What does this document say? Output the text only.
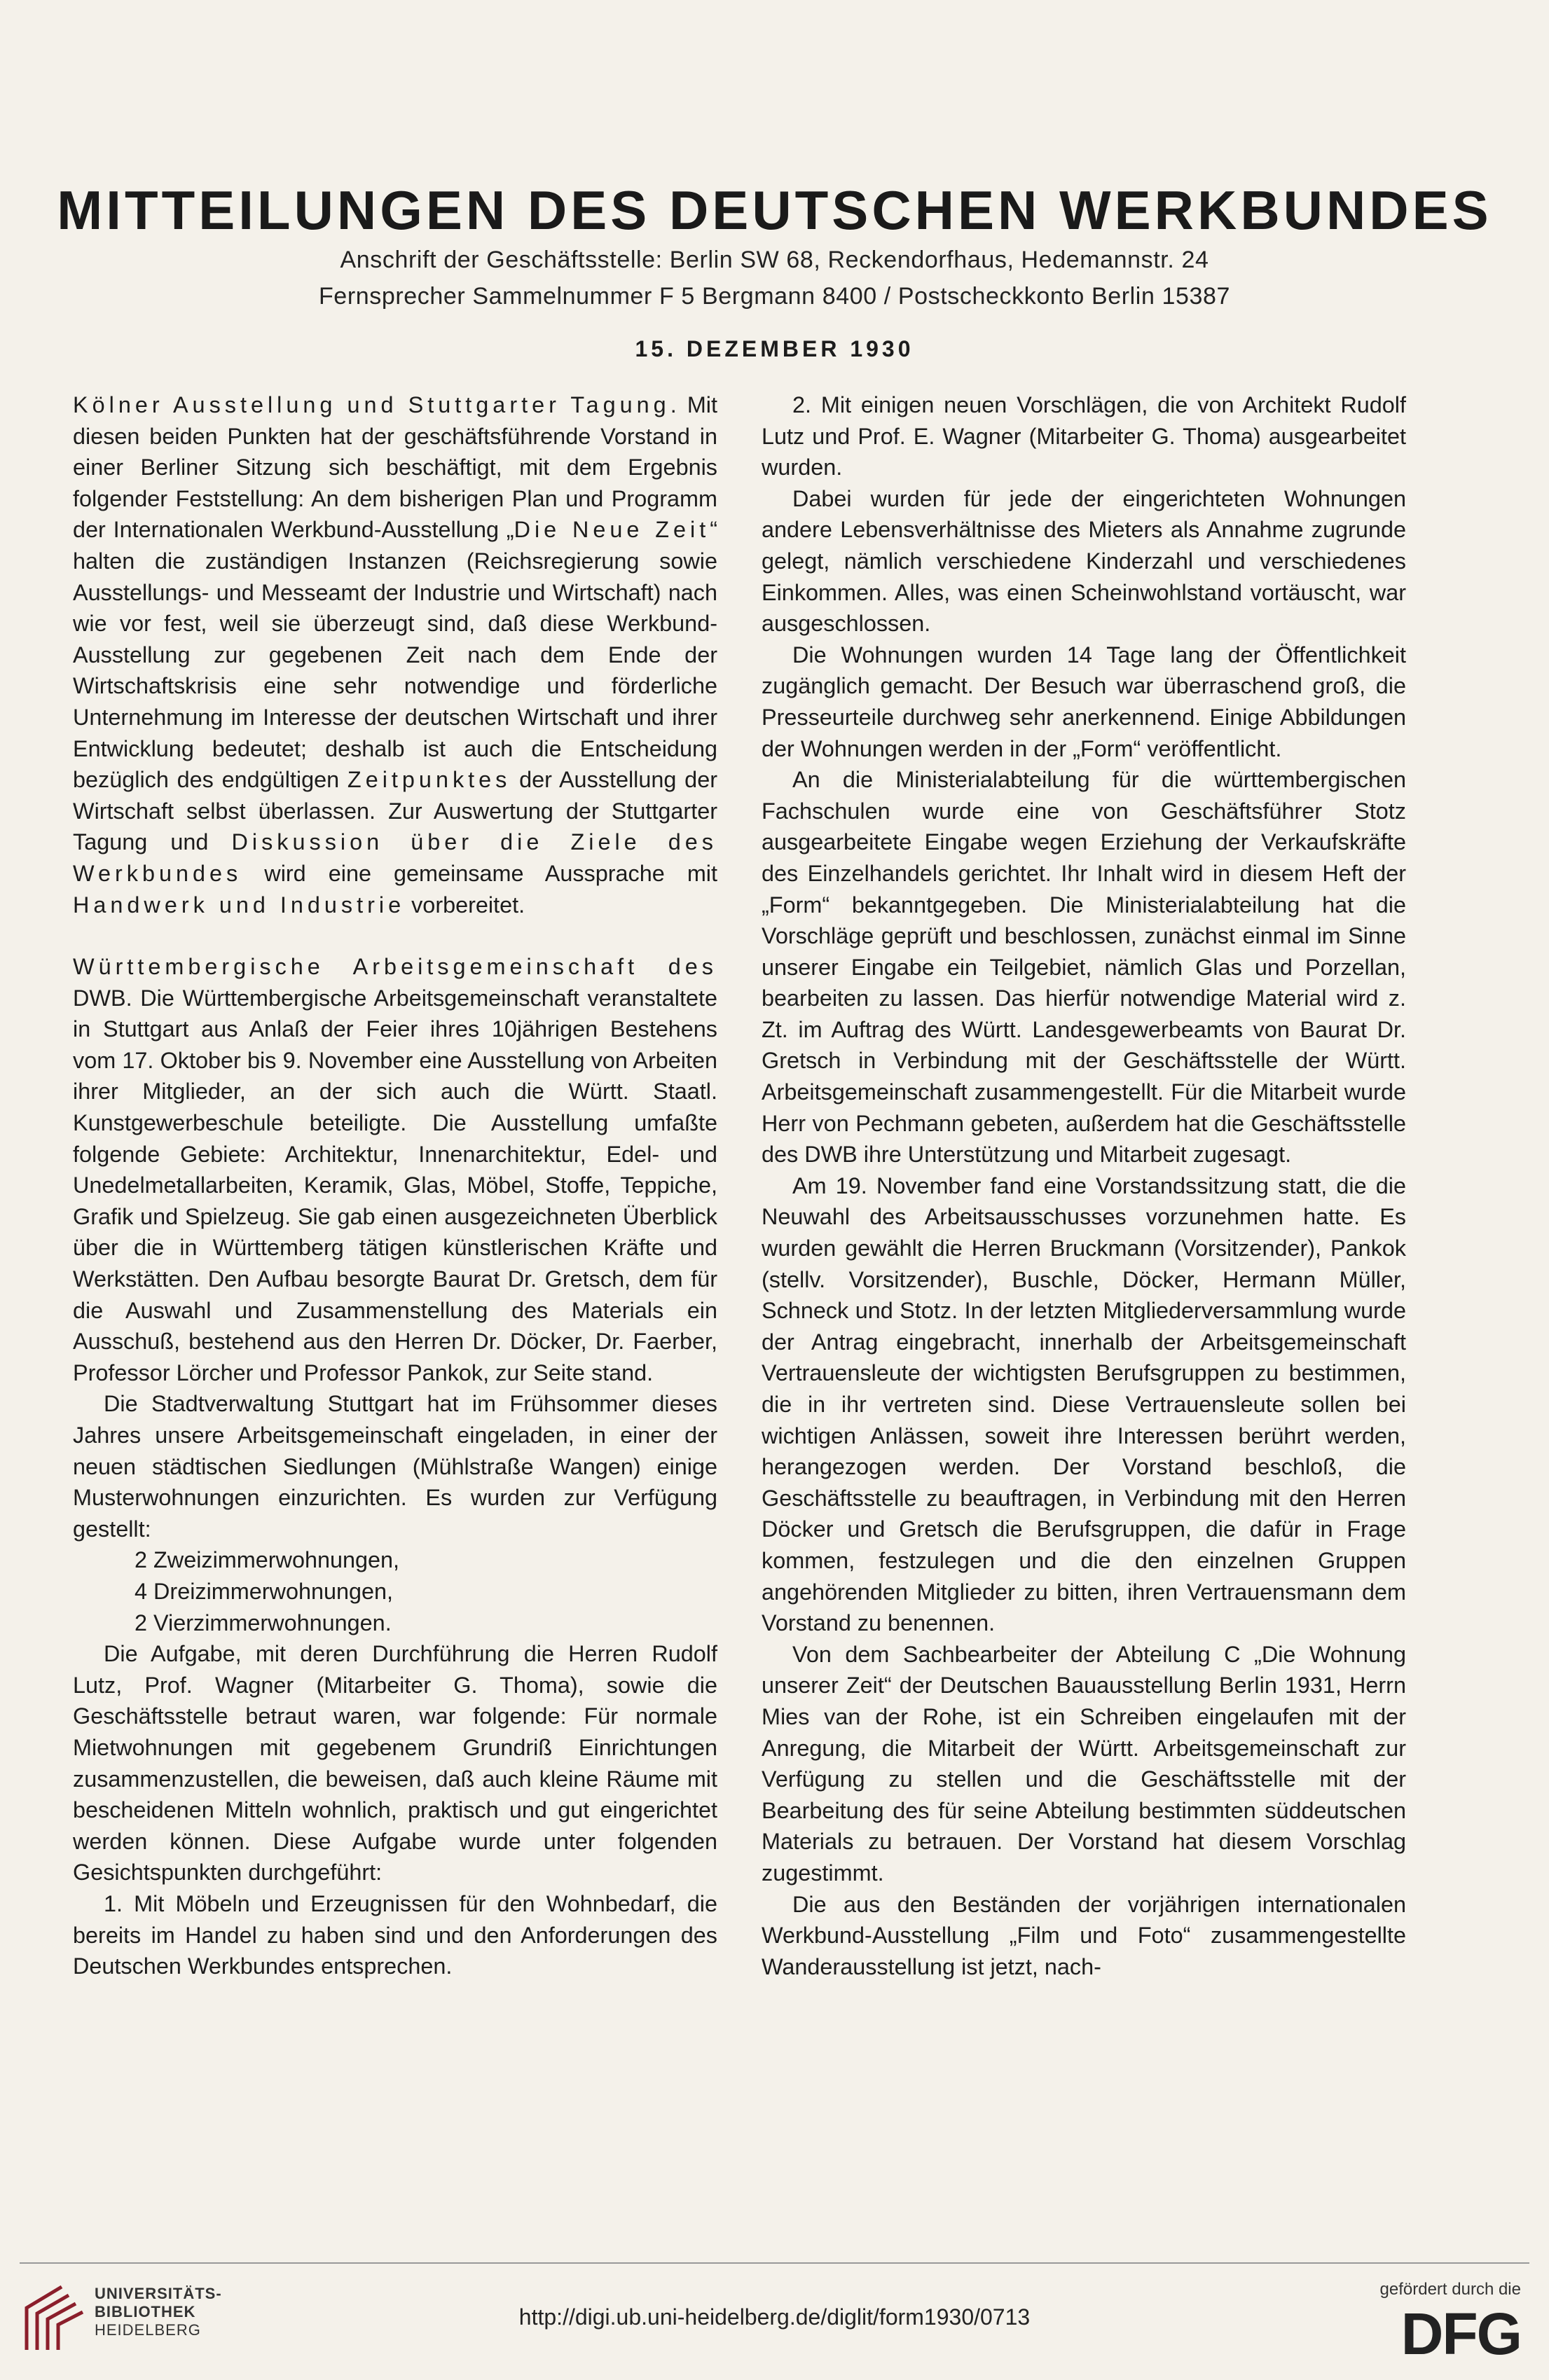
MITTEILUNGEN DES DEUTSCHEN WERKBUNDES
Anschrift der Geschäftsstelle: Berlin SW 68, Reckendorfhaus, Hedemannstr. 24
Fernsprecher Sammelnummer F 5 Bergmann 8400 / Postscheckkonto Berlin 15387
15. DEZEMBER 1930

Kölner Ausstellung und Stuttgarter Tagung. Mit diesen beiden Punkten hat der geschäftsführende Vorstand in einer Berliner Sitzung sich beschäftigt, mit dem Ergebnis folgender Feststellung: An dem bisherigen Plan und Programm der Internationalen Werkbund-Ausstellung „Die Neue Zeit“ halten die zuständigen Instanzen (Reichsregierung sowie Ausstellungs- und Messeamt der Industrie und Wirtschaft) nach wie vor fest, weil sie überzeugt sind, daß diese Werkbund-Ausstellung zur gegebenen Zeit nach dem Ende der Wirtschaftskrisis eine sehr notwendige und förderliche Unternehmung im Interesse der deutschen Wirtschaft und ihrer Entwicklung bedeutet; deshalb ist auch die Entscheidung bezüglich des endgültigen Zeitpunktes der Ausstellung der Wirtschaft selbst überlassen. Zur Auswertung der Stuttgarter Tagung und Diskussion über die Ziele des Werkbundes wird eine gemeinsame Aussprache mit Handwerk und Industrie vorbereitet.

Württembergische Arbeitsgemeinschaft des DWB. Die Württembergische Arbeitsgemeinschaft veranstaltete in Stuttgart aus Anlaß der Feier ihres 10jährigen Bestehens vom 17. Oktober bis 9. November eine Ausstellung von Arbeiten ihrer Mitglieder, an der sich auch die Württ. Staatl. Kunstgewerbeschule beteiligte. Die Ausstellung umfaßte folgende Gebiete: Architektur, Innenarchitektur, Edel- und Unedelmetallarbeiten, Keramik, Glas, Möbel, Stoffe, Teppiche, Grafik und Spielzeug. Sie gab einen ausgezeichneten Überblick über die in Württemberg tätigen künstlerischen Kräfte und Werkstätten. Den Aufbau besorgte Baurat Dr. Gretsch, dem für die Auswahl und Zusammenstellung des Materials ein Ausschuß, bestehend aus den Herren Dr. Döcker, Dr. Faerber, Professor Lörcher und Professor Pankok, zur Seite stand.

Die Stadtverwaltung Stuttgart hat im Frühsommer dieses Jahres unsere Arbeitsgemeinschaft eingeladen, in einer der neuen städtischen Siedlungen (Mühlstraße Wangen) einige Musterwohnungen einzurichten. Es wurden zur Verfügung gestellt:

2 Zweizimmerwohnungen,
4 Dreizimmerwohnungen,
2 Vierzimmerwohnungen.

Die Aufgabe, mit deren Durchführung die Herren Rudolf Lutz, Prof. Wagner (Mitarbeiter G. Thoma), sowie die Geschäftsstelle betraut waren, war folgende: Für normale Mietwohnungen mit gegebenem Grundriß Einrichtungen zusammenzustellen, die beweisen, daß auch kleine Räume mit bescheidenen Mitteln wohnlich, praktisch und gut eingerichtet werden können. Diese Aufgabe wurde unter folgenden Gesichtspunkten durchgeführt:

1. Mit Möbeln und Erzeugnissen für den Wohnbedarf, die bereits im Handel zu haben sind und den Anforderungen des Deutschen Werkbundes entsprechen.

2. Mit einigen neuen Vorschlägen, die von Architekt Rudolf Lutz und Prof. E. Wagner (Mitarbeiter G. Thoma) ausgearbeitet wurden.

Dabei wurden für jede der eingerichteten Wohnungen andere Lebensverhältnisse des Mieters als Annahme zugrunde gelegt, nämlich verschiedene Kinderzahl und verschiedenes Einkommen. Alles, was einen Scheinwohlstand vortäuscht, war ausgeschlossen.

Die Wohnungen wurden 14 Tage lang der Öffentlichkeit zugänglich gemacht. Der Besuch war überraschend groß, die Presseurteile durchweg sehr anerkennend. Einige Abbildungen der Wohnungen werden in der „Form“ veröffentlicht.

An die Ministerialabteilung für die württembergischen Fachschulen wurde eine von Geschäftsführer Stotz ausgearbeitete Eingabe wegen Erziehung der Verkaufskräfte des Einzelhandels gerichtet. Ihr Inhalt wird in diesem Heft der „Form“ bekanntgegeben. Die Ministerialabteilung hat die Vorschläge geprüft und beschlossen, zunächst einmal im Sinne unserer Eingabe ein Teilgebiet, nämlich Glas und Porzellan, bearbeiten zu lassen. Das hierfür notwendige Material wird z. Zt. im Auftrag des Württ. Landesgewerbeamts von Baurat Dr. Gretsch in Verbindung mit der Geschäftsstelle der Württ. Arbeitsgemeinschaft zusammengestellt. Für die Mitarbeit wurde Herr von Pechmann gebeten, außerdem hat die Geschäftsstelle des DWB ihre Unterstützung und Mitarbeit zugesagt.

Am 19. November fand eine Vorstandssitzung statt, die die Neuwahl des Arbeitsausschusses vorzunehmen hatte. Es wurden gewählt die Herren Bruckmann (Vorsitzender), Pankok (stellv. Vorsitzender), Buschle, Döcker, Hermann Müller, Schneck und Stotz. In der letzten Mitgliederversammlung wurde der Antrag eingebracht, innerhalb der Arbeitsgemeinschaft Vertrauensleute der wichtigsten Berufsgruppen zu bestimmen, die in ihr vertreten sind. Diese Vertrauensleute sollen bei wichtigen Anlässen, soweit ihre Interessen berührt werden, herangezogen werden. Der Vorstand beschloß, die Geschäftsstelle zu beauftragen, in Verbindung mit den Herren Döcker und Gretsch die Berufsgruppen, die dafür in Frage kommen, festzulegen und die den einzelnen Gruppen angehörenden Mitglieder zu bitten, ihren Vertrauensmann dem Vorstand zu benennen.

Von dem Sachbearbeiter der Abteilung C „Die Wohnung unserer Zeit“ der Deutschen Bauausstellung Berlin 1931, Herrn Mies van der Rohe, ist ein Schreiben eingelaufen mit der Anregung, die Mitarbeit der Württ. Arbeitsgemeinschaft zur Verfügung zu stellen und die Geschäftsstelle mit der Bearbeitung des für seine Abteilung bestimmten süddeutschen Materials zu betrauen. Der Vorstand hat diesem Vorschlag zugestimmt.

Die aus den Beständen der vorjährigen internationalen Werkbund-Ausstellung „Film und Foto“ zusammengestellte Wanderausstellung ist jetzt, nach-

UNIVERSITÄTS-
BIBLIOTHEK
HEIDELBERG
http://digi.ub.uni-heidelberg.de/diglit/form1930/0713
gefördert durch die
DFG
